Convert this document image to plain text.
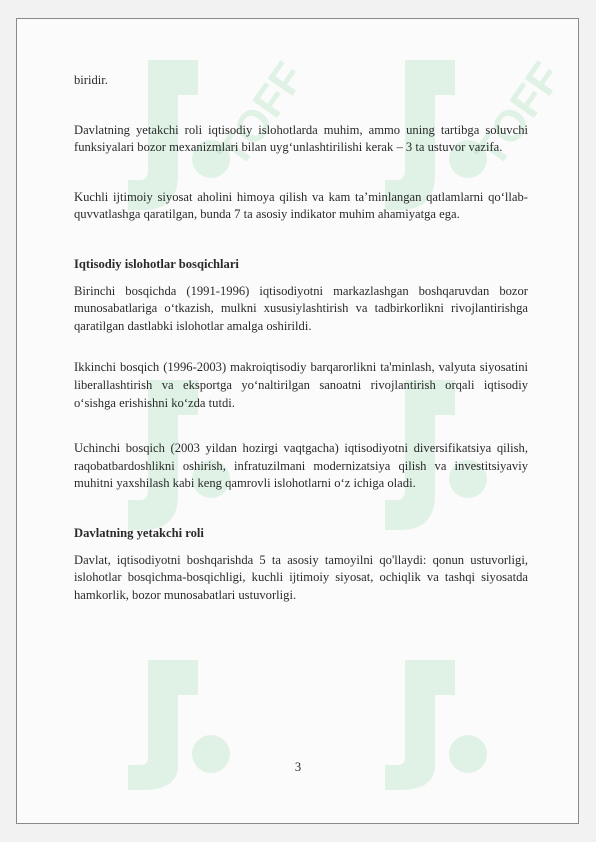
TOFF	TOFF

biridir.

Davlatning yetakchi roli iqtisodiy islohotlarda muhim, ammo uning tartibga soluvchi funksiyalari bozor mexanizmlari bilan uyg‘unlashtirilishi kerak – 3 ta ustuvor vazifa.

Kuchli ijtimoiy siyosat aholini himoya qilish va kam ta’minlangan qatlamlarni qo‘llab-quvvatlashga qaratilgan, bunda 7 ta asosiy indikator muhim ahamiyatga ega.

Iqtisodiy islohotlar bosqichlari

Birinchi bosqichda (1991-1996) iqtisodiyotni markazlashgan boshqaruvdan bozor munosabatlariga o‘tkazish, mulkni xususiylashtirish va tadbirkorlikni rivojlantirishga qaratilgan dastlabki islohotlar amalga oshirildi.

Ikkinchi bosqich (1996-2003) makroiqtisodiy barqarorlikni ta'minlash, valyuta siyosatini liberallashtirish va eksportga yo‘naltirilgan sanoatni rivojlantirish orqali iqtisodiy o‘sishga erishishni ko‘zda tutdi.

Uchinchi bosqich (2003 yildan hozirgi vaqtgacha) iqtisodiyotni diversifikatsiya qilish, raqobatbardoshlikni oshirish, infratuzilmani modernizatsiya qilish va investitsiyaviy muhitni yaxshilash kabi keng qamrovli islohotlarni o‘z ichiga oladi.

Davlatning yetakchi roli

Davlat, iqtisodiyotni boshqarishda 5 ta asosiy tamoyilni qo'llaydi: qonun ustuvorligi, islohotlar bosqichma-bosqichligi, kuchli ijtimoiy siyosat, ochiqlik va tashqi siyosatda hamkorlik, bozor munosabatlari ustuvorligi.

3
